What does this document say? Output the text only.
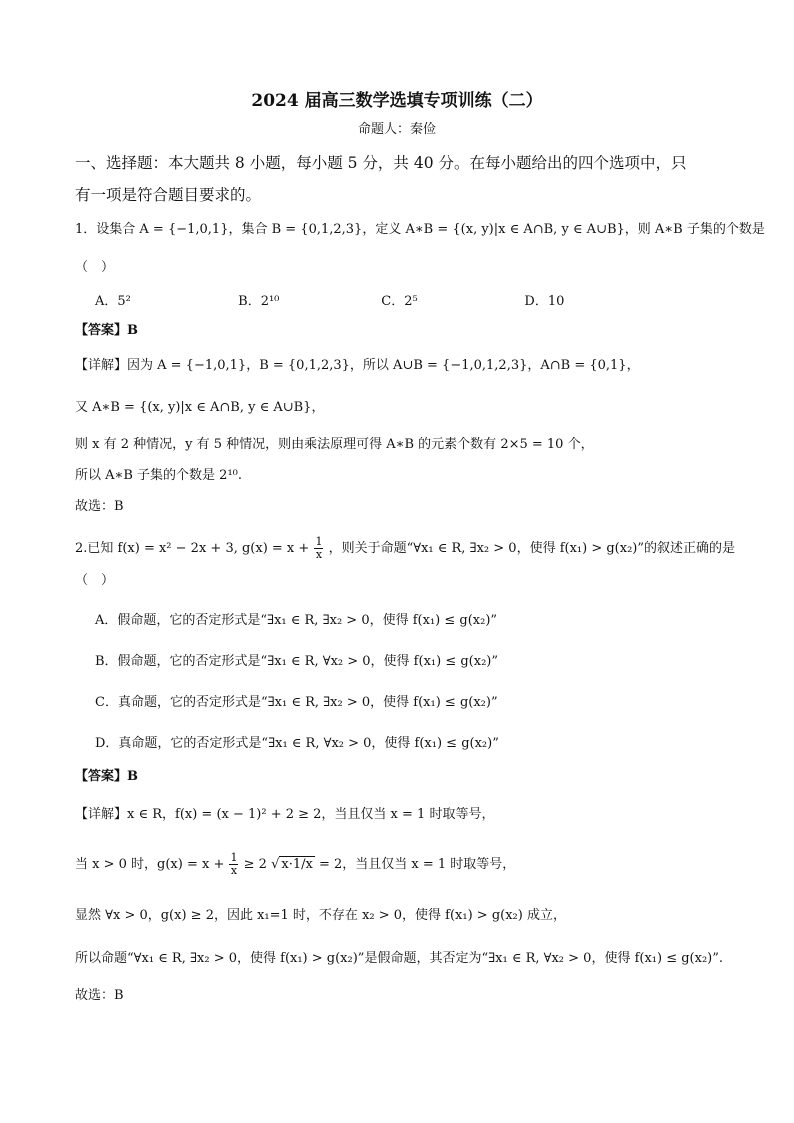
2024 届高三数学选填专项训练（二）
命题人：秦俭
一、选择题：本大题共 8 小题，每小题 5 分，共 40 分。在每小题给出的四个选项中，只
有一项是符合题目要求的。
1．设集合 A = {−1,0,1}，集合 B = {0,1,2,3}，定义 A∗B = {(x, y)|x ∈ A∩B, y ∈ A∪B}，则 A∗B 子集的个数是
（　）
A．5²	B．2¹⁰	C．2⁵	D．10
【答案】B
【详解】因为 A = {−1,0,1}，B = {0,1,2,3}，所以 A∪B = {−1,0,1,2,3}，A∩B = {0,1}，
又 A∗B = {(x, y)|x ∈ A∩B, y ∈ A∪B}，
则 x 有 2 种情况，y 有 5 种情况，则由乘法原理可得 A∗B 的元素个数有 2×5 = 10 个，
所以 A∗B 子集的个数是 2¹⁰.
故选：B
2.已知 f(x) = x² − 2x + 3, $g(x) = x + \frac{1}{x}$ ，则关于命题“∀x₁ ∈ R, ∃x₂ > 0，使得 f(x₁) > g(x₂)”的叙述正确的是
（　）
A．假命题，它的否定形式是“∃x₁ ∈ R, ∃x₂ > 0，使得 f(x₁) ≤ g(x₂)”
B．假命题，它的否定形式是“∃x₁ ∈ R, ∀x₂ > 0，使得 f(x₁) ≤ g(x₂)”
C．真命题，它的否定形式是“∃x₁ ∈ R, ∃x₂ > 0，使得 f(x₁) ≤ g(x₂)”
D．真命题，它的否定形式是“∃x₁ ∈ R, ∀x₂ > 0，使得 f(x₁) ≤ g(x₂)”
【答案】B
【详解】x ∈ R，f(x) = (x − 1)² + 2 ≥ 2，当且仅当 x = 1 时取等号，
当 x > 0 时，$g(x) = x + \frac{1}{x} \ge 2$ √ x·1/x = 2，当且仅当 x = 1 时取等号，
显然 ∀x > 0，g(x) ≥ 2，因此 x₁=1 时，不存在 x₂ > 0，使得 f(x₁) > g(x₂) 成立，
所以命题“∀x₁ ∈ R, ∃x₂ > 0，使得 f(x₁) > g(x₂)”是假命题，其否定为“∃x₁ ∈ R, ∀x₂ > 0，使得 f(x₁) ≤ g(x₂)”.
故选：B
